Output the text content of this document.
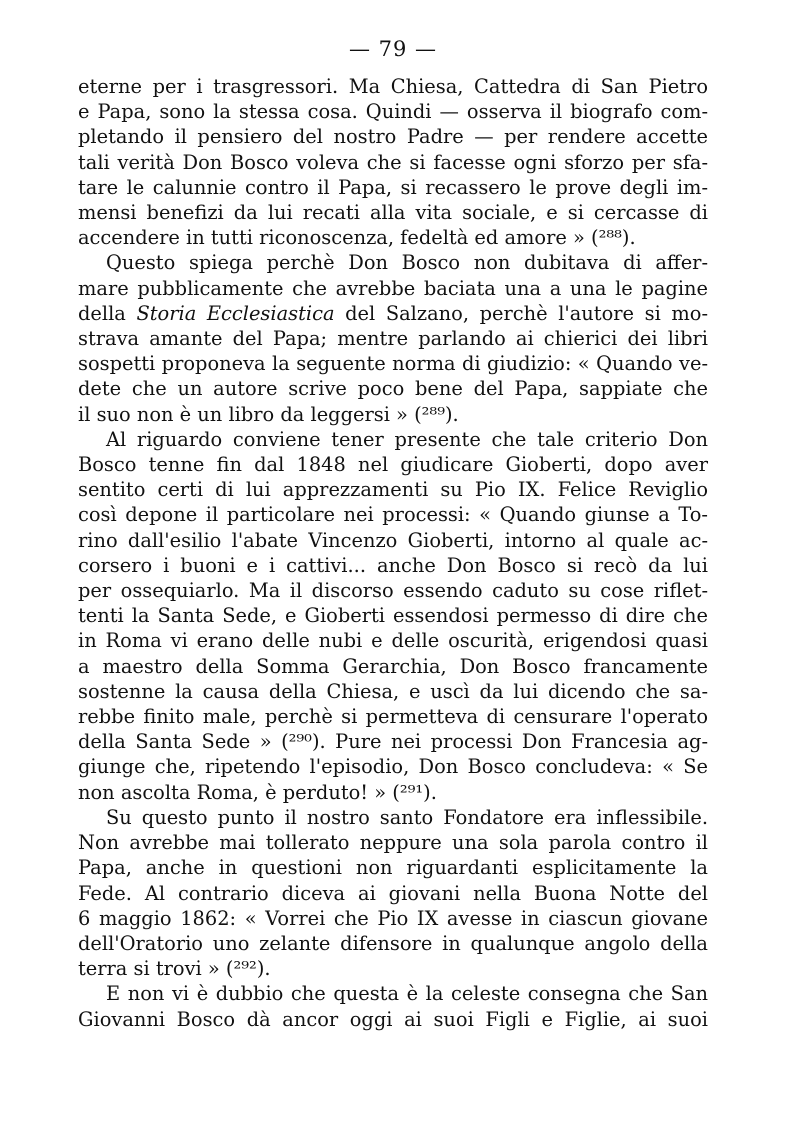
— 79 —
eterne per i trasgressori. Ma Chiesa, Cattedra di San Pietro
e Papa, sono la stessa cosa. Quindi — osserva il biografo com-
pletando il pensiero del nostro Padre — per rendere accette
tali verità Don Bosco voleva che si facesse ogni sforzo per sfa-
tare le calunnie contro il Papa, si recassero le prove degli im-
mensi benefizi da lui recati alla vita sociale, e si cercasse di
accendere in tutti riconoscenza, fedeltà ed amore » (²⁸⁸).
Questo spiega perchè Don Bosco non dubitava di affer-
mare pubblicamente che avrebbe baciata una a una le pagine
della Storia Ecclesiastica del Salzano, perchè l'autore si mo-
strava amante del Papa; mentre parlando ai chierici dei libri
sospetti proponeva la seguente norma di giudizio: « Quando ve-
dete che un autore scrive poco bene del Papa, sappiate che
il suo non è un libro da leggersi » (²⁸⁹).
Al riguardo conviene tener presente che tale criterio Don
Bosco tenne fin dal 1848 nel giudicare Gioberti, dopo aver
sentito certi di lui apprezzamenti su Pio IX. Felice Reviglio
così depone il particolare nei processi: « Quando giunse a To-
rino dall'esilio l'abate Vincenzo Gioberti, intorno al quale ac-
corsero i buoni e i cattivi... anche Don Bosco si recò da lui
per ossequiarlo. Ma il discorso essendo caduto su cose riflet-
tenti la Santa Sede, e Gioberti essendosi permesso di dire che
in Roma vi erano delle nubi e delle oscurità, erigendosi quasi
a maestro della Somma Gerarchia, Don Bosco francamente
sostenne la causa della Chiesa, e uscì da lui dicendo che sa-
rebbe finito male, perchè si permetteva di censurare l'operato
della Santa Sede » (²⁹⁰). Pure nei processi Don Francesia ag-
giunge che, ripetendo l'episodio, Don Bosco concludeva: « Se
non ascolta Roma, è perduto! » (²⁹¹).
Su questo punto il nostro santo Fondatore era inflessibile.
Non avrebbe mai tollerato neppure una sola parola contro il
Papa, anche in questioni non riguardanti esplicitamente la
Fede. Al contrario diceva ai giovani nella Buona Notte del
6 maggio 1862: « Vorrei che Pio IX avesse in ciascun giovane
dell'Oratorio uno zelante difensore in qualunque angolo della
terra si trovi » (²⁹²).
E non vi è dubbio che questa è la celeste consegna che San
Giovanni Bosco dà ancor oggi ai suoi Figli e Figlie, ai suoi
